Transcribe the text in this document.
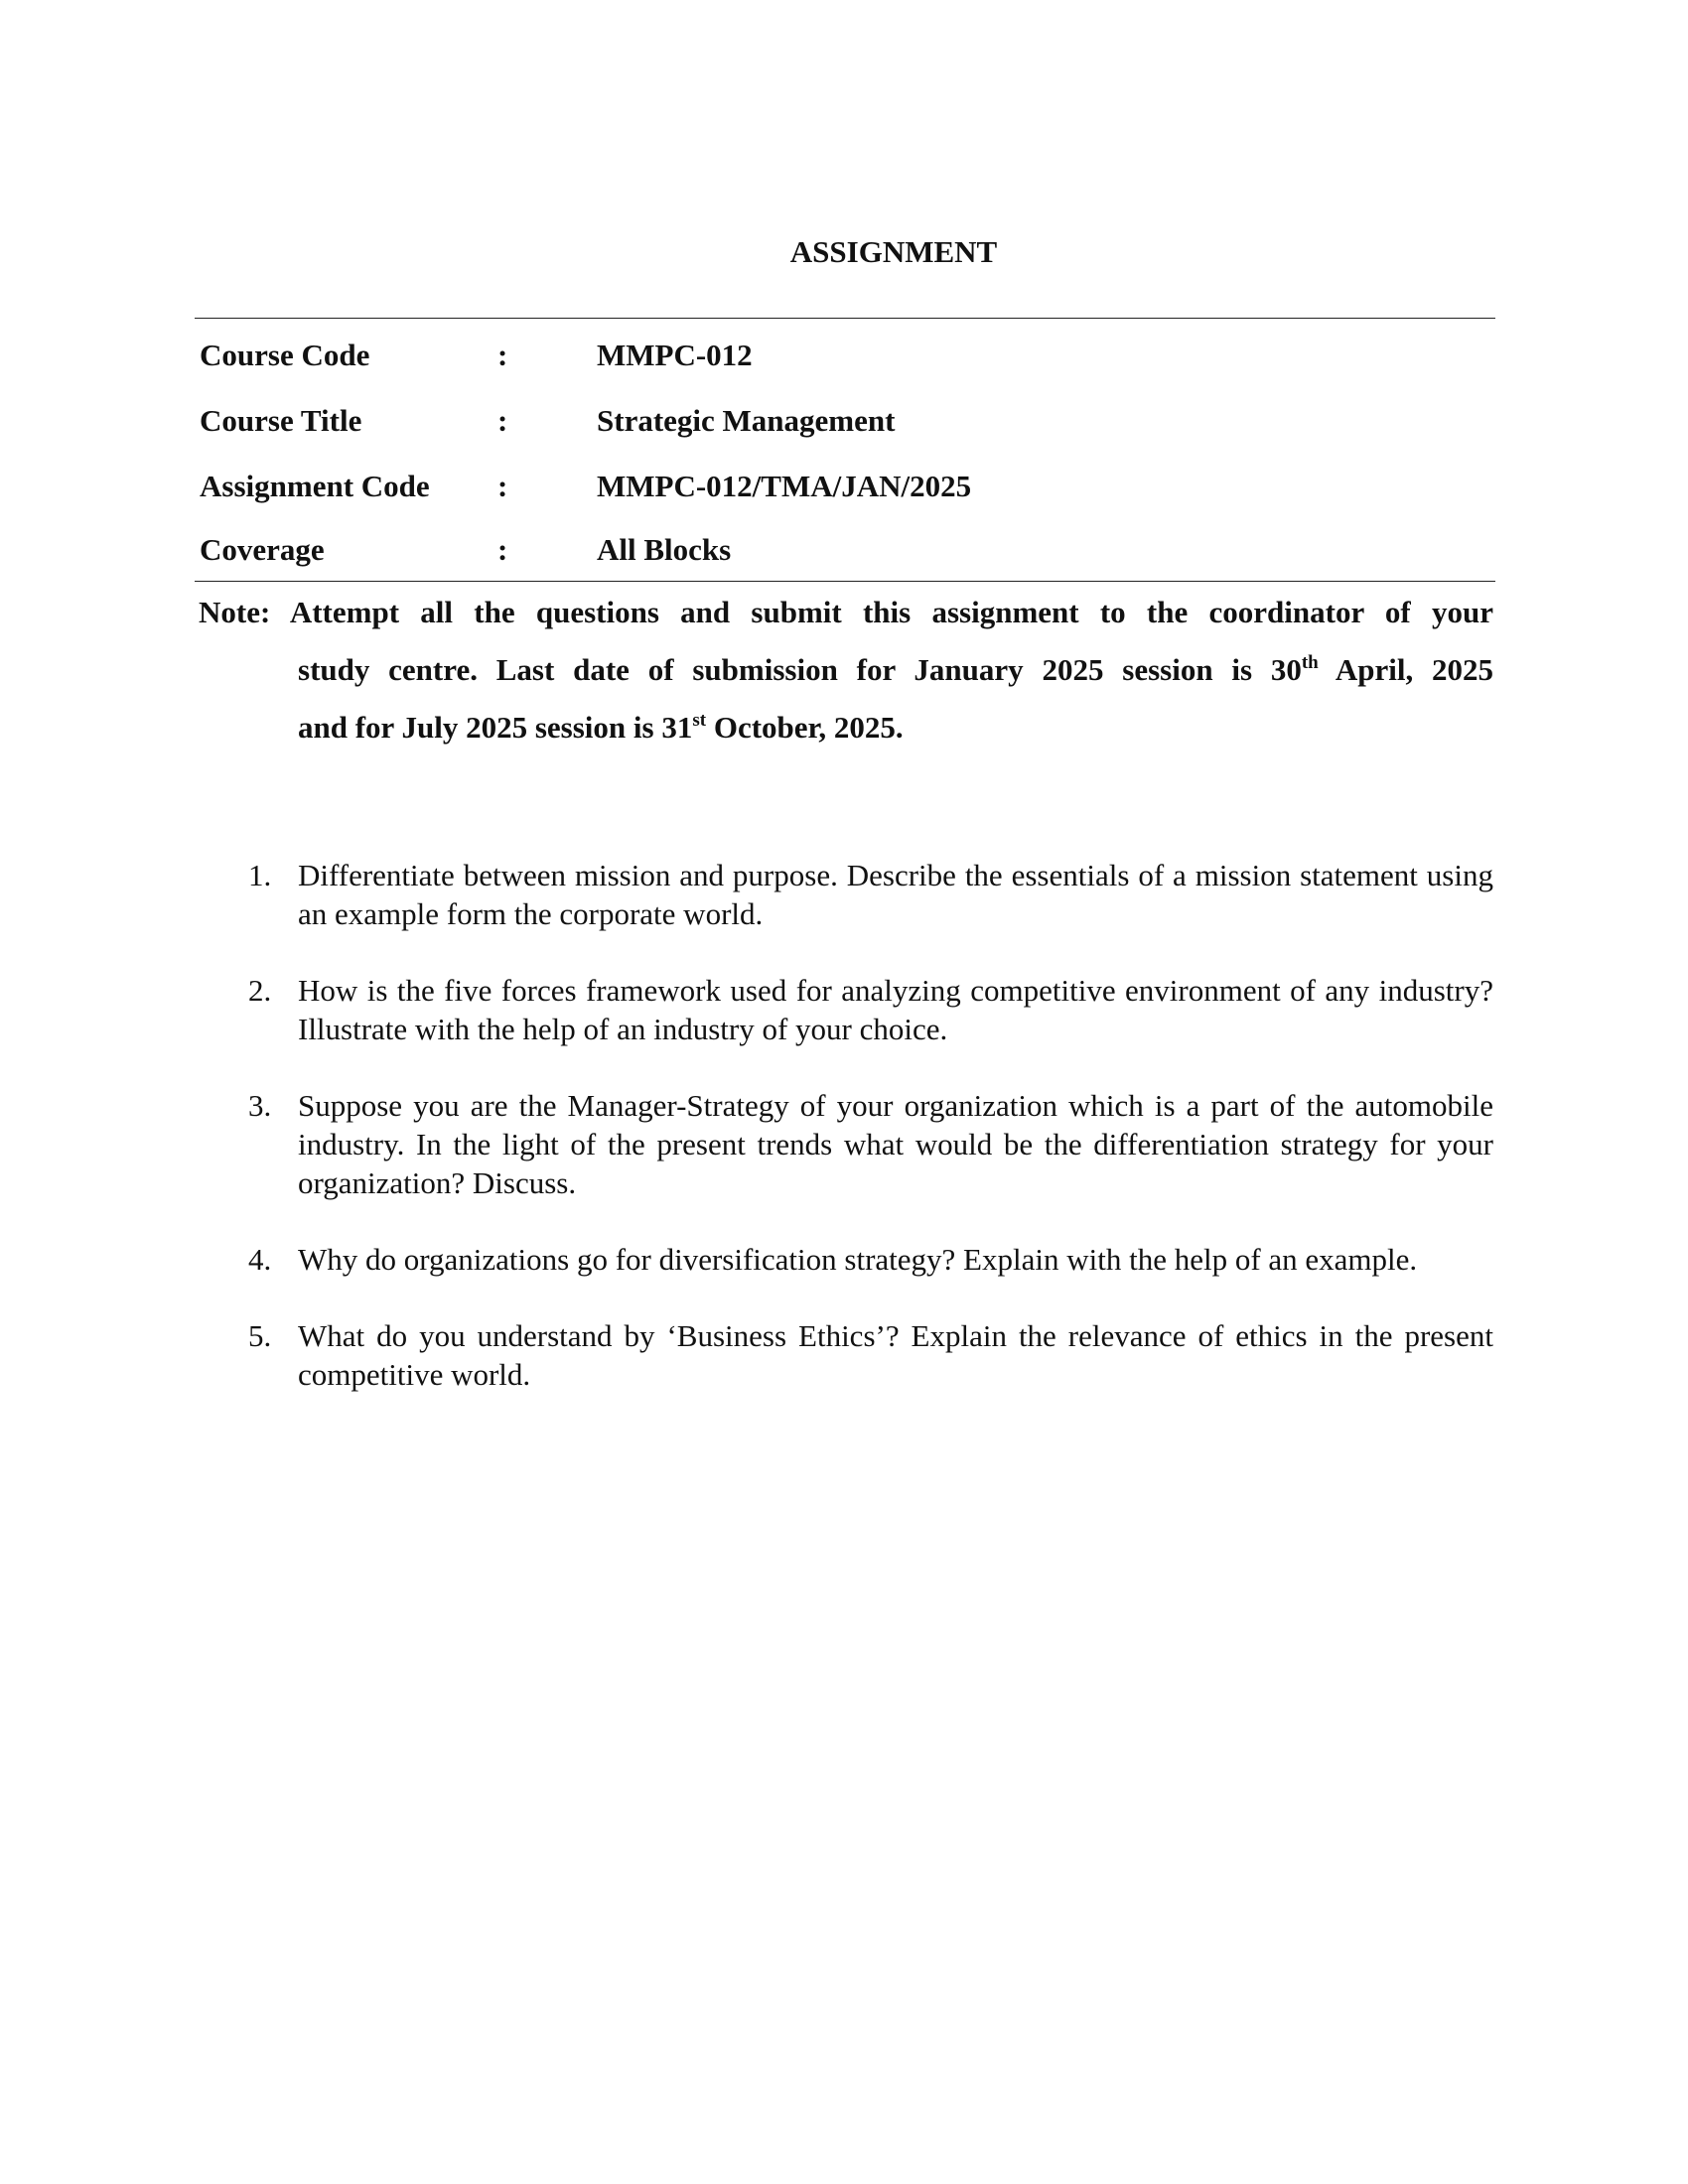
ASSIGNMENT
Course Code	:	MMPC-012
Course Title	:	Strategic Management
Assignment Code	:	MMPC-012/TMA/JAN/2025
Coverage	:	All Blocks
Note: Attempt all the questions and submit this assignment to the coordinator of your
study centre. Last date of submission for January 2025 session is 30th April, 2025
and for July 2025 session is 31st October, 2025.
1. Differentiate between mission and purpose. Describe the essentials of a mission statement using an example form the corporate world.
2. How is the five forces framework used for analyzing competitive environment of any industry? Illustrate with the help of an industry of your choice.
3. Suppose you are the Manager-Strategy of your organization which is a part of the automobile industry. In the light of the present trends what would be the differentiation strategy for your organization? Discuss.
4. Why do organizations go for diversification strategy? Explain with the help of an example.
5. What do you understand by ‘Business Ethics’? Explain the relevance of ethics in the present competitive world.
